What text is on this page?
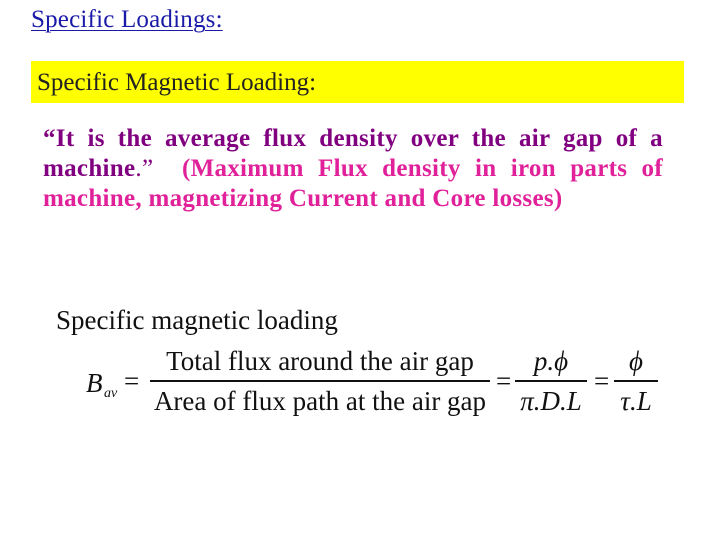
Specific Loadings:
Specific Magnetic Loading:
“It is the average flux density over the air gap of a machine.” (Maximum Flux density in iron parts of machine, magnetizing Current and Core losses)
Specific magnetic loading
B av =
Total flux around the air gap
Area of flux path at the air gap
=
p.ϕ
π.D.L
=
ϕ
τ.L
